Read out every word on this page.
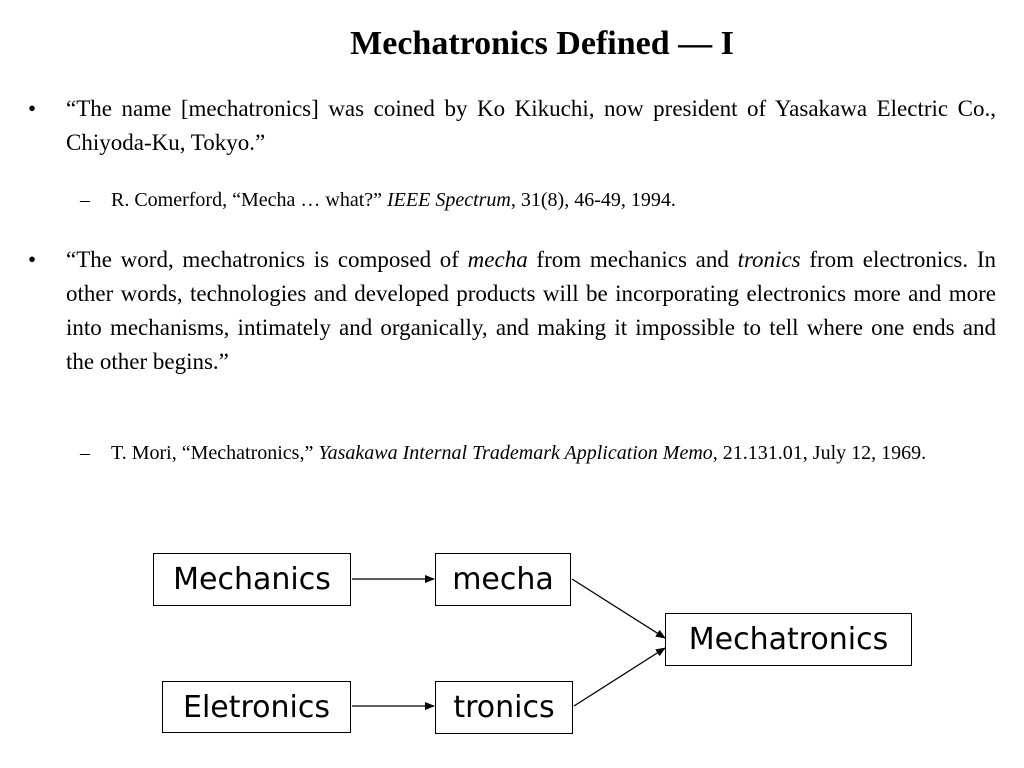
Mechatronics Defined — I
• “The name [mechatronics] was coined by Ko Kikuchi, now president of Yasakawa Electric Co., Chiyoda-Ku, Tokyo.”
– R. Comerford, “Mecha … what?” IEEE Spectrum, 31(8), 46-49, 1994.
• “The word, mechatronics is composed of mecha from mechanics and tronics from electronics. In other words, technologies and developed products will be incorporating electronics more and more into mechanisms, intimately and organically, and making it impossible to tell where one ends and the other begins.”
– T. Mori, “Mechatronics,” Yasakawa Internal Trademark Application Memo, 21.131.01, July 12, 1969.
Mechanics	mecha
Mechatronics
Eletronics	tronics
